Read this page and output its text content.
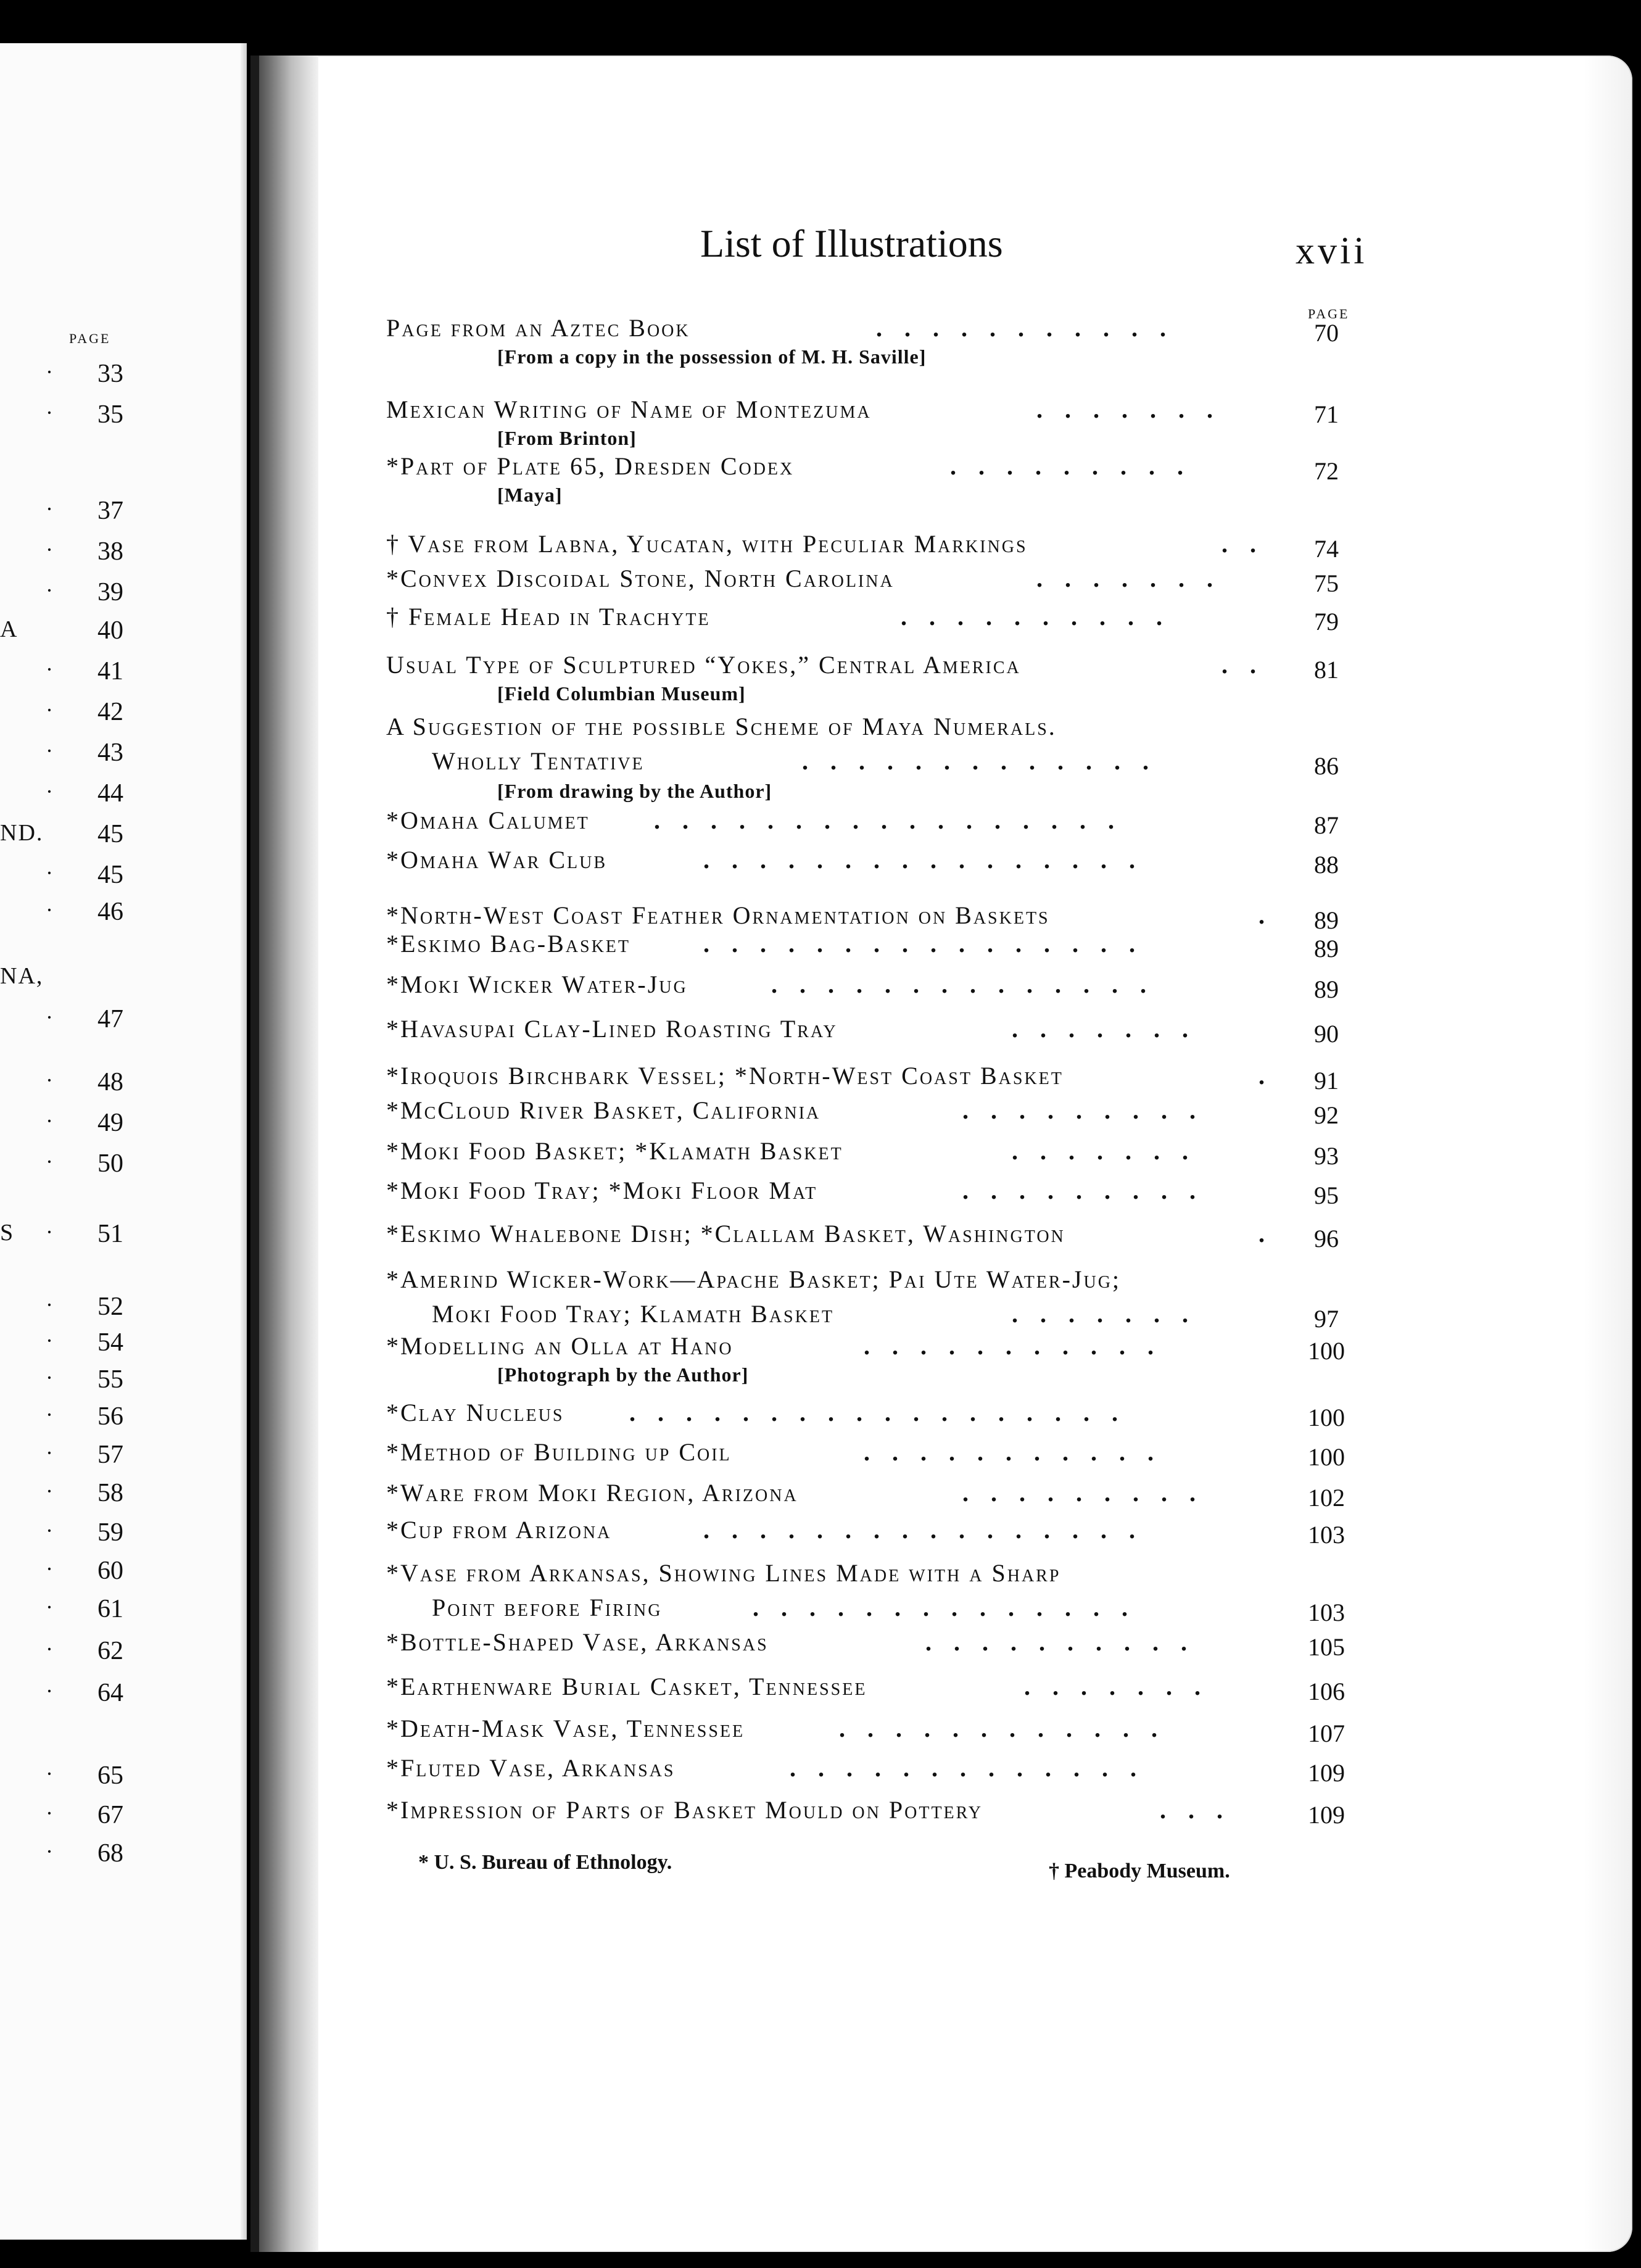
PAGE
· 33
· 35
· 37
· 38
· 39
A	40
· 41
· 42
· 43
· 44
ND. 45
· 45
· 46
NA,
· 47
· 48
· 49
· 50
S · 51
· 52
· 54
· 55
· 56
· 57
· 58
· 59
· 60
· 61
· 62
· 64
· 65
· 67
· 68
List of Illustrations	xvii
PAGE
Page from an Aztec Book	...........	70
[From a copy in the possession of M. H. Saville]
Mexican Writing of Name of Montezuma	.......	71
[From Brinton]
*Part of Plate 65, Dresden Codex	.........	72
[Maya]
† Vase from Labna, Yucatan, with Peculiar Markings	..	74
*Convex Discoidal Stone, North Carolina	.......	75
† Female Head in Trachyte	..........	79
Usual Type of Sculptured “Yokes,” Central America	..	81
[Field Columbian Museum]
A Suggestion of the possible Scheme of Maya Numerals.
Wholly Tentative	.............	86
[From drawing by the Author]
*Omaha Calumet	.................	87
*Omaha War Club	................	88
*North-West Coast Feather Ornamentation on Baskets	.	89
*Eskimo Bag-Basket	................	89
*Moki Wicker Water-Jug	..............	89
*Havasupai Clay-Lined Roasting Tray	.......	90
*Iroquois Birchbark Vessel; *North-West Coast Basket	.	91
*McCloud River Basket, California	.........	92
*Moki Food Basket; *Klamath Basket	.......	93
*Moki Food Tray; *Moki Floor Mat	.........	95
*Eskimo Whalebone Dish; *Clallam Basket, Washington	.	96
*Amerind Wicker-Work—Apache Basket; Pai Ute Water-Jug;
Moki Food Tray; Klamath Basket	.......	97
*Modelling an Olla at Hano	...........	100
[Photograph by the Author]
*Clay Nucleus	..................	100
*Method of Building up Coil	...........	100
*Ware from Moki Region, Arizona	.........	102
*Cup from Arizona	................	103
*Vase from Arkansas, Showing Lines Made with a Sharp
Point before Firing	..............	103
*Bottle-Shaped Vase, Arkansas	..........	105
*Earthenware Burial Casket, Tennessee	.......	106
*Death-Mask Vase, Tennessee	............	107
*Fluted Vase, Arkansas	.............	109
*Impression of Parts of Basket Mould on Pottery	...	109
* U. S. Bureau of Ethnology.	† Peabody Museum.
